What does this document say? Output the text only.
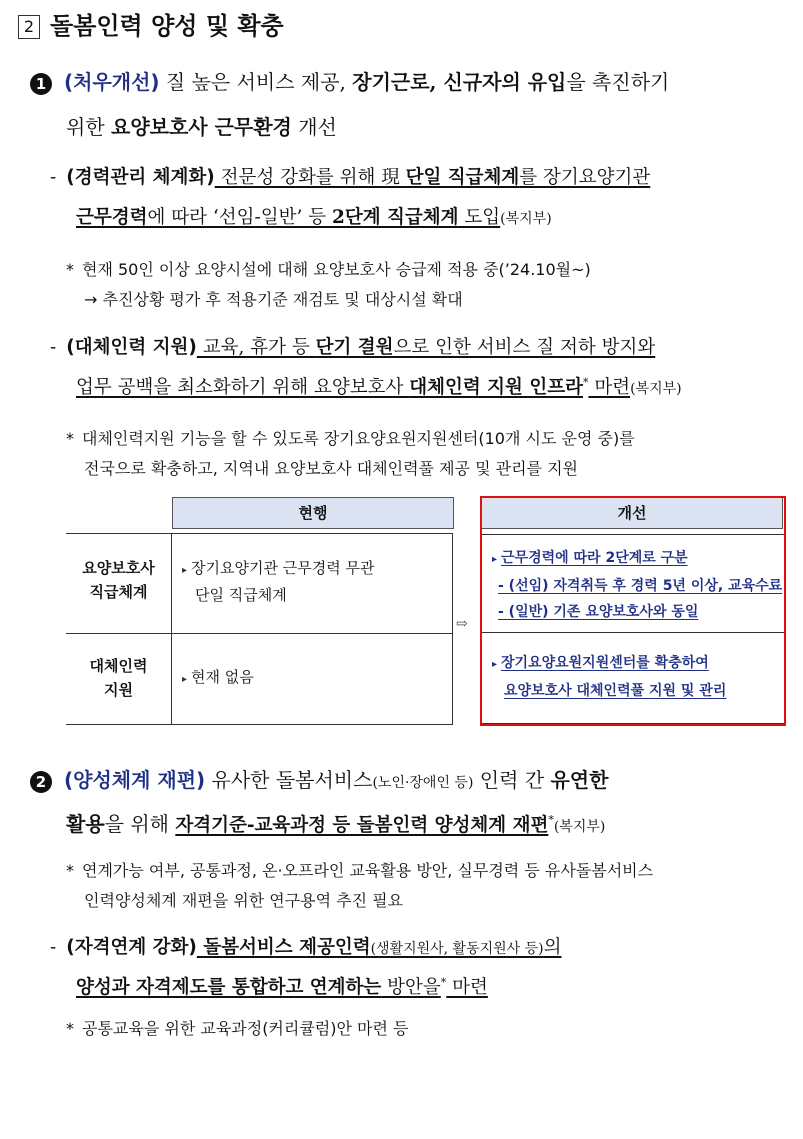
2 돌봄인력 양성 및 확충
1 (처우개선) 질 높은 서비스 제공, 장기근로, 신규자의 유입을 촉진하기
위한 요양보호사 근무환경 개선
- (경력관리 체계화) 전문성 강화를 위해 現 단일 직급체계를 장기요양기관
근무경력에 따라 ‘선임-일반’ 등 2단계 직급체계 도입(복지부)
* 현재 50인 이상 요양시설에 대해 요양보호사 승급제 적용 중(’24.10월~)
→ 추진상황 평가 후 적용기준 재검토 및 대상시설 확대
- (대체인력 지원) 교육, 휴가 등 단기 결원으로 인한 서비스 질 저하 방지와
업무 공백을 최소화하기 위해 요양보호사 대체인력 지원 인프라* 마련(복지부)
* 대체인력지원 기능을 할 수 있도록 장기요양요원지원센터(10개 시도 운영 중)를
전국으로 확충하고, 지역내 요양보호사 대체인력풀 제공 및 관리를 지원
현행	개선
요양보호사
직급체계
▸ 장기요양기관 근무경력 무관
단일 직급체계
대체인력
지원
▸ 현재 없음
⇨
▸ 근무경력에 따라 2단계로 구분
- (선임) 자격취득 후 경력 5년 이상, 교육수료
- (일반) 기존 요양보호사와 동일
▸ 장기요양요원지원센터를 확충하여
요양보호사 대체인력풀 지원 및 관리
2 (양성체계 재편) 유사한 돌봄서비스(노인·장애인 등) 인력 간 유연한
활용을 위해 자격기준-교육과정 등 돌봄인력 양성체계 재편*(복지부)
* 연계가능 여부, 공통과정, 온·오프라인 교육활용 방안, 실무경력 등 유사돌봄서비스
인력양성체계 재편을 위한 연구용역 추진 필요
- (자격연계 강화) 돌봄서비스 제공인력(생활지원사, 활동지원사 등)의
양성과 자격제도를 통합하고 연계하는 방안을* 마련
* 공통교육을 위한 교육과정(커리큘럼)안 마련 등
